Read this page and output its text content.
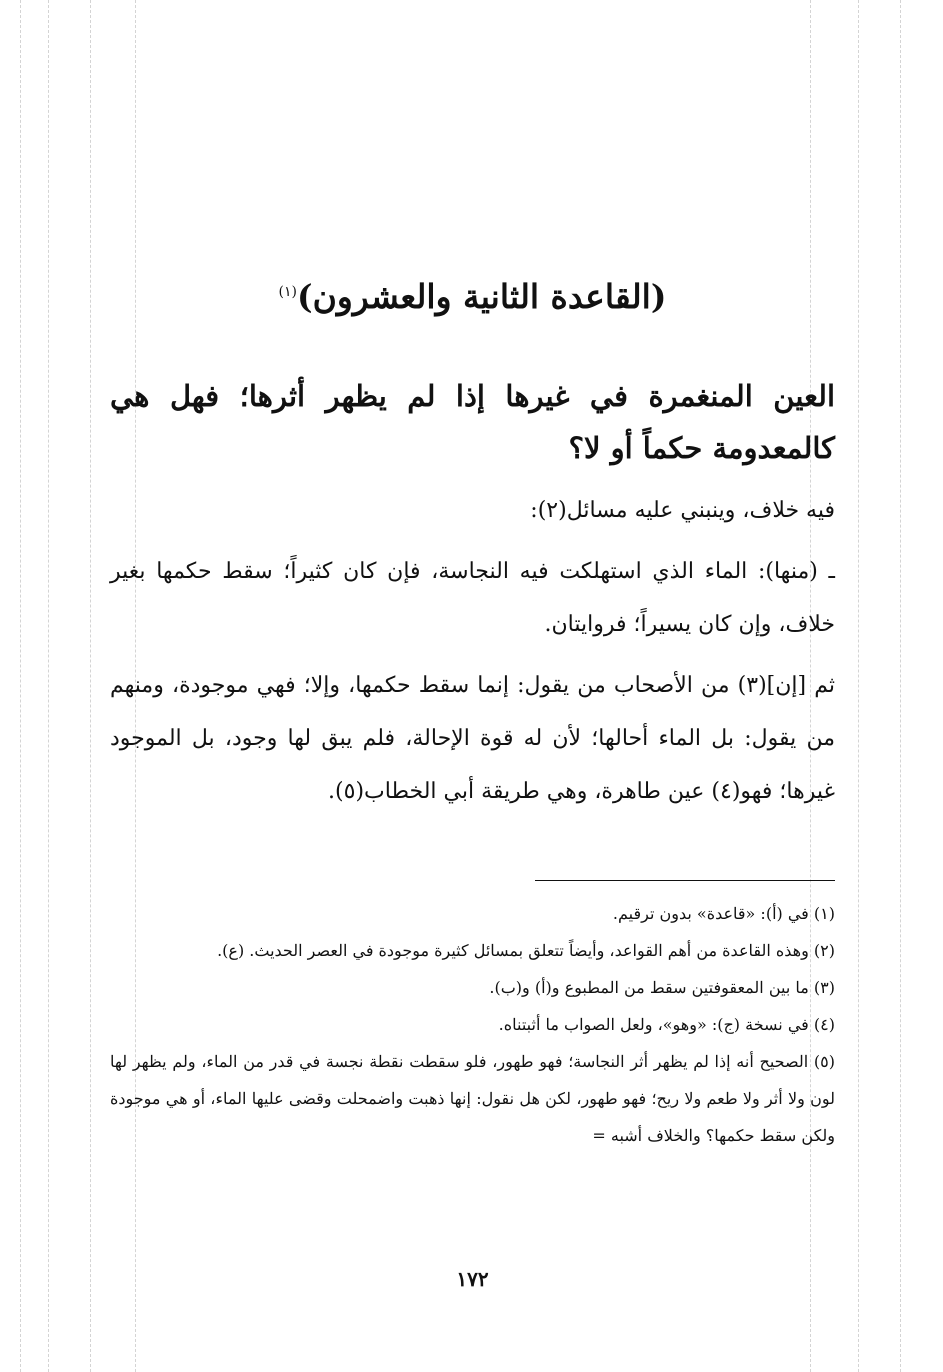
(القاعدة الثانية والعشرون)$^{(١)}$
العين المنغمرة في غيرها إذا لم يظهر أثرها؛ فهل هي كالمعدومة حكماً أو لا؟
فيه خلاف، وينبني عليه مسائل(٢):
ـ (منها): الماء الذي استهلكت فيه النجاسة، فإن كان كثيراً؛ سقط حكمها بغير خلاف، وإن كان يسيراً؛ فروايتان.
ثم [إن](٣) من الأصحاب من يقول: إنما سقط حكمها، وإلا؛ فهي موجودة، ومنهم من يقول: بل الماء أحالها؛ لأن له قوة الإحالة، فلم يبق لها وجود، بل الموجود غيرها؛ فهو(٤) عين طاهرة، وهي طريقة أبي الخطاب(٥).

(١) في (أ): «قاعدة» بدون ترقيم.

(٢) وهذه القاعدة من أهم القواعد، وأيضاً تتعلق بمسائل كثيرة موجودة في العصر الحديث. (ع).

(٣) ما بين المعقوفتين سقط من المطبوع و(أ) و(ب).

(٤) في نسخة (ج): «وهو»، ولعل الصواب ما أثبتناه.

(٥) الصحيح أنه إذا لم يظهر أثر النجاسة؛ فهو طهور، فلو سقطت نقطة نجسة في قدر من الماء، ولم يظهر لها لون ولا أثر ولا طعم ولا ريح؛ فهو طهور، لكن هل نقول: إنها ذهبت واضمحلت وقضى عليها الماء، أو هي موجودة ولكن سقط حكمها؟ والخلاف أشبه =

١٧٢
